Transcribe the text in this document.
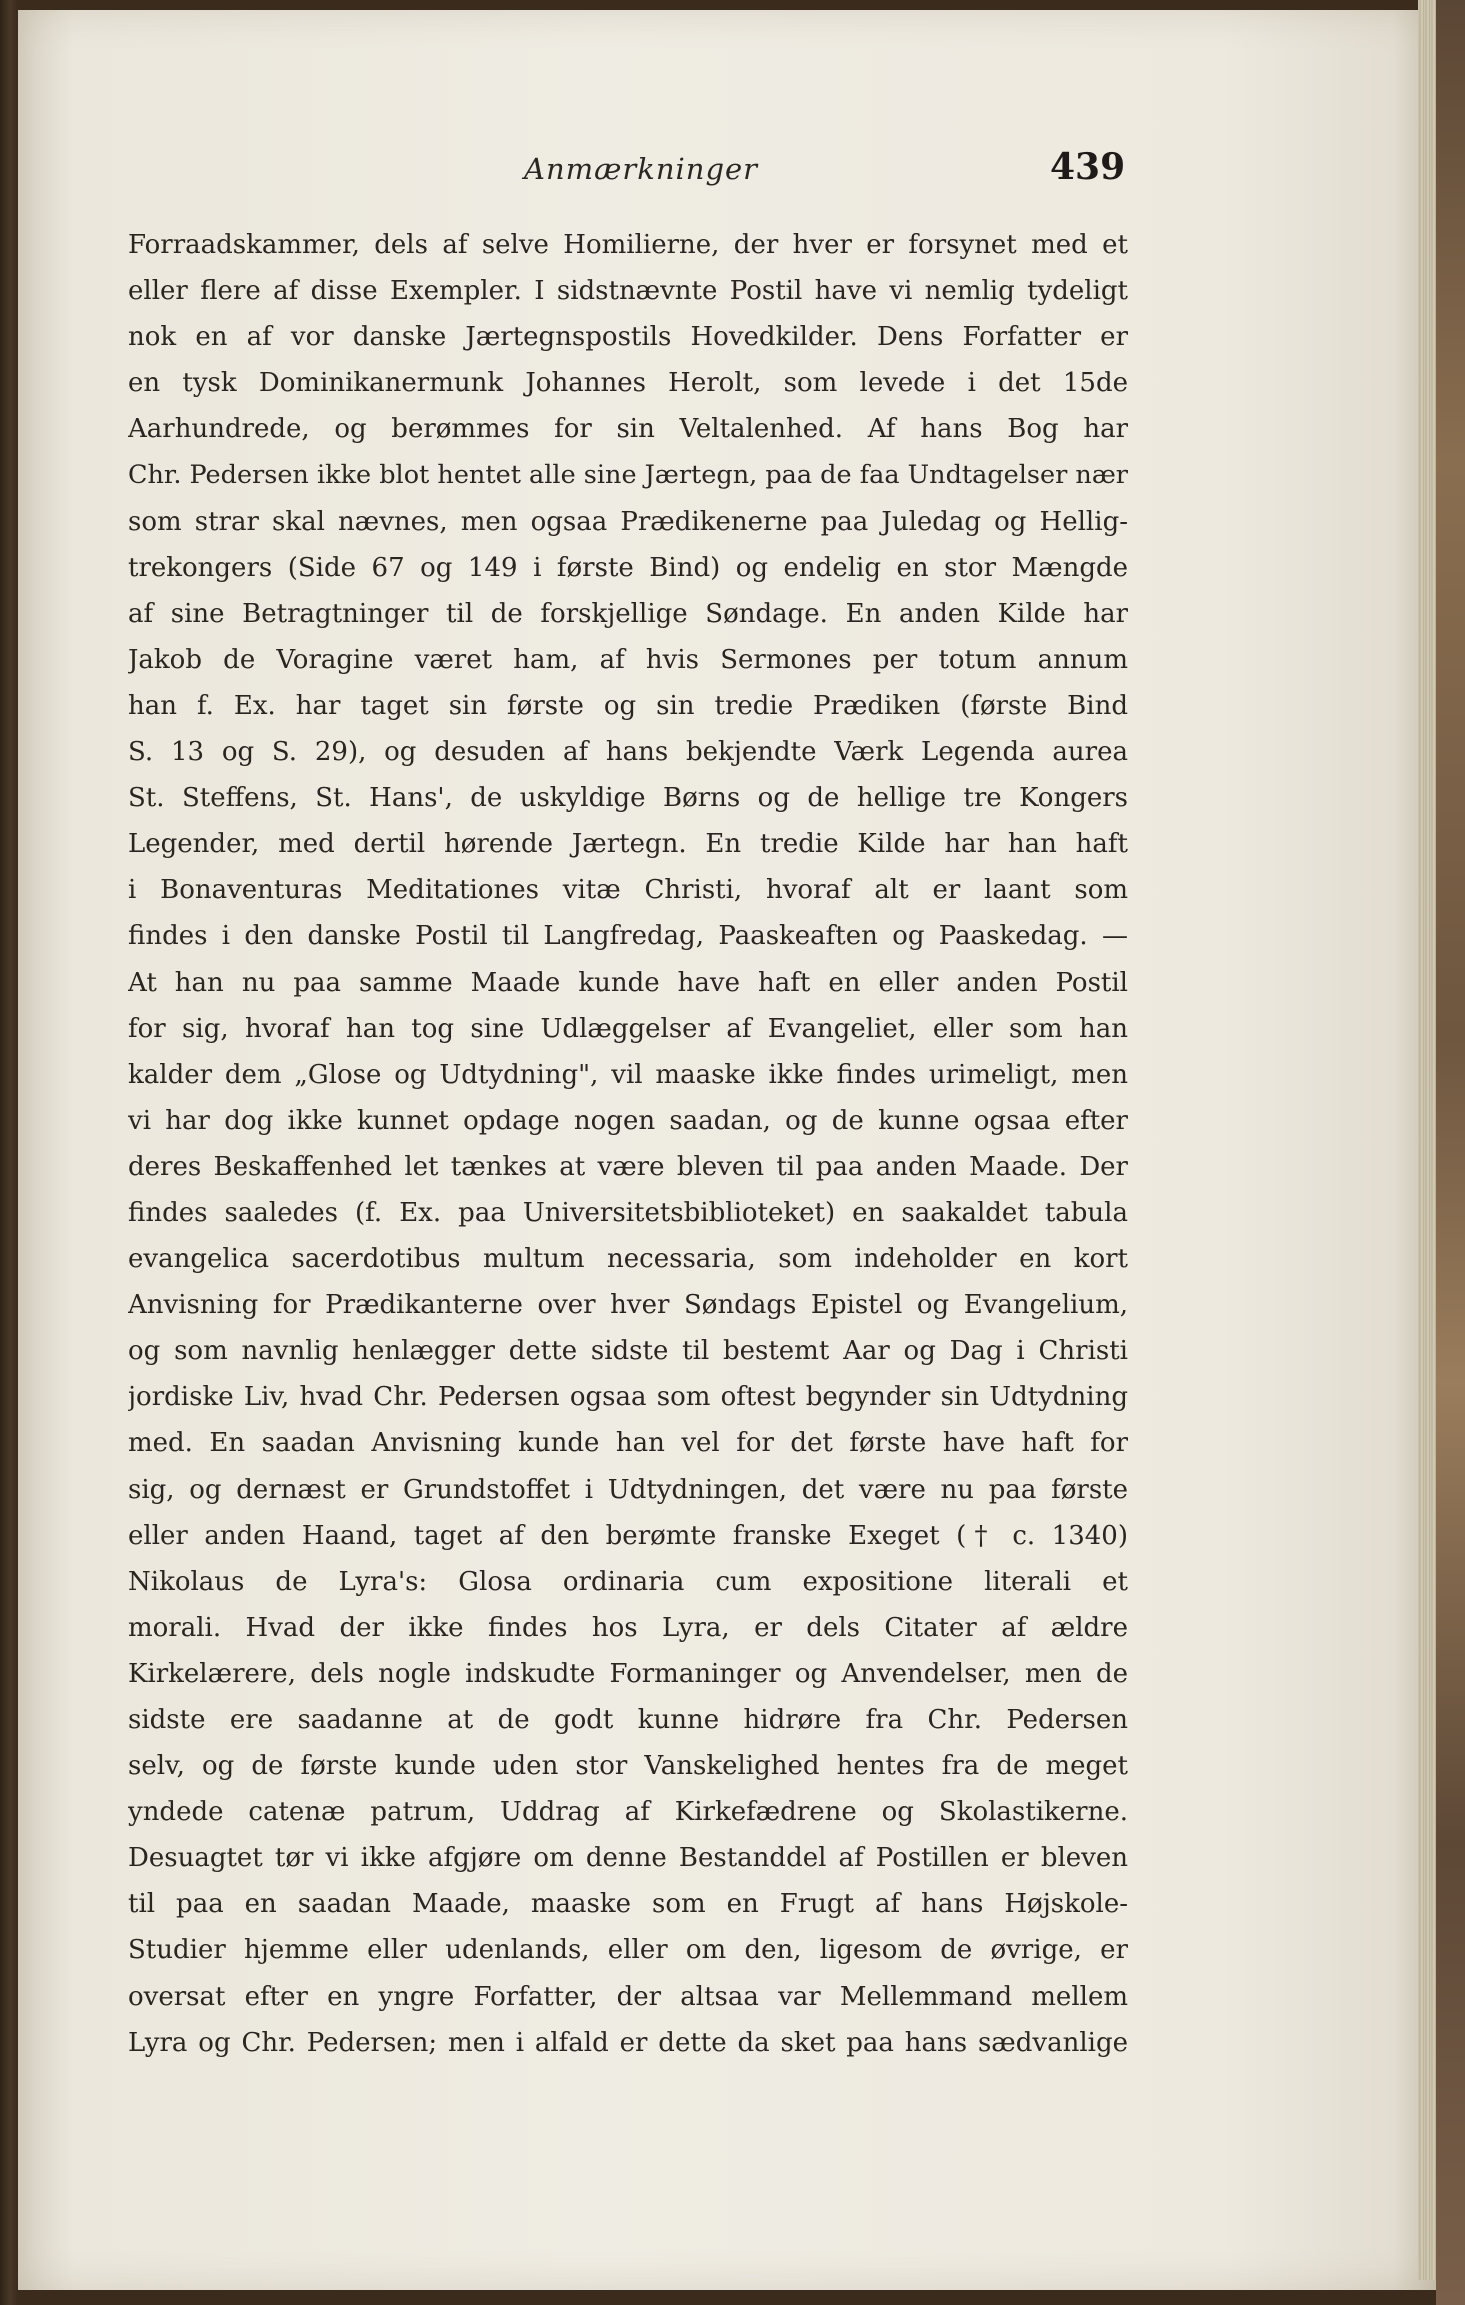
Anmærkninger	439
Forraadskammer, dels af selve Homilierne, der hver er forsynet med et
eller flere af disse Exempler. I sidstnævnte Postil have vi nemlig tydeligt
nok en af vor danske Jærtegnspostils Hovedkilder. Dens Forfatter er
en tysk Dominikanermunk Johannes Herolt, som levede i det 15de
Aarhundrede, og berømmes for sin Veltalenhed. Af hans Bog har
Chr. Pedersen ikke blot hentet alle sine Jærtegn, paa de faa Undtagelser nær
som strar skal nævnes, men ogsaa Prædikenerne paa Juledag og Hellig-
trekongers (Side 67 og 149 i første Bind) og endelig en stor Mængde
af sine Betragtninger til de forskjellige Søndage. En anden Kilde har
Jakob de Voragine været ham, af hvis Sermones per totum annum
han f. Ex. har taget sin første og sin tredie Prædiken (første Bind
S. 13 og S. 29), og desuden af hans bekjendte Værk Legenda aurea
St. Steffens, St. Hans', de uskyldige Børns og de hellige tre Kongers
Legender, med dertil hørende Jærtegn. En tredie Kilde har han haft
i Bonaventuras Meditationes vitæ Christi, hvoraf alt er laant som
findes i den danske Postil til Langfredag, Paaskeaften og Paaskedag. —
At han nu paa samme Maade kunde have haft en eller anden Postil
for sig, hvoraf han tog sine Udlæggelser af Evangeliet, eller som han
kalder dem „Glose og Udtydning", vil maaske ikke findes urimeligt, men
vi har dog ikke kunnet opdage nogen saadan, og de kunne ogsaa efter
deres Beskaffenhed let tænkes at være bleven til paa anden Maade. Der
findes saaledes (f. Ex. paa Universitetsbiblioteket) en saakaldet tabula
evangelica sacerdotibus multum necessaria, som indeholder en kort
Anvisning for Prædikanterne over hver Søndags Epistel og Evangelium,
og som navnlig henlægger dette sidste til bestemt Aar og Dag i Christi
jordiske Liv, hvad Chr. Pedersen ogsaa som oftest begynder sin Udtydning
med. En saadan Anvisning kunde han vel for det første have haft for
sig, og dernæst er Grundstoffet i Udtydningen, det være nu paa første
eller anden Haand, taget af den berømte franske Exeget († c. 1340)
Nikolaus de Lyra's: Glosa ordinaria cum expositione literali et
morali. Hvad der ikke findes hos Lyra, er dels Citater af ældre
Kirkelærere, dels nogle indskudte Formaninger og Anvendelser, men de
sidste ere saadanne at de godt kunne hidrøre fra Chr. Pedersen
selv, og de første kunde uden stor Vanskelighed hentes fra de meget
yndede catenæ patrum, Uddrag af Kirkefædrene og Skolastikerne.
Desuagtet tør vi ikke afgjøre om denne Bestanddel af Postillen er bleven
til paa en saadan Maade, maaske som en Frugt af hans Højskole-
Studier hjemme eller udenlands, eller om den, ligesom de øvrige, er
oversat efter en yngre Forfatter, der altsaa var Mellemmand mellem
Lyra og Chr. Pedersen; men i alfald er dette da sket paa hans sædvanlige
